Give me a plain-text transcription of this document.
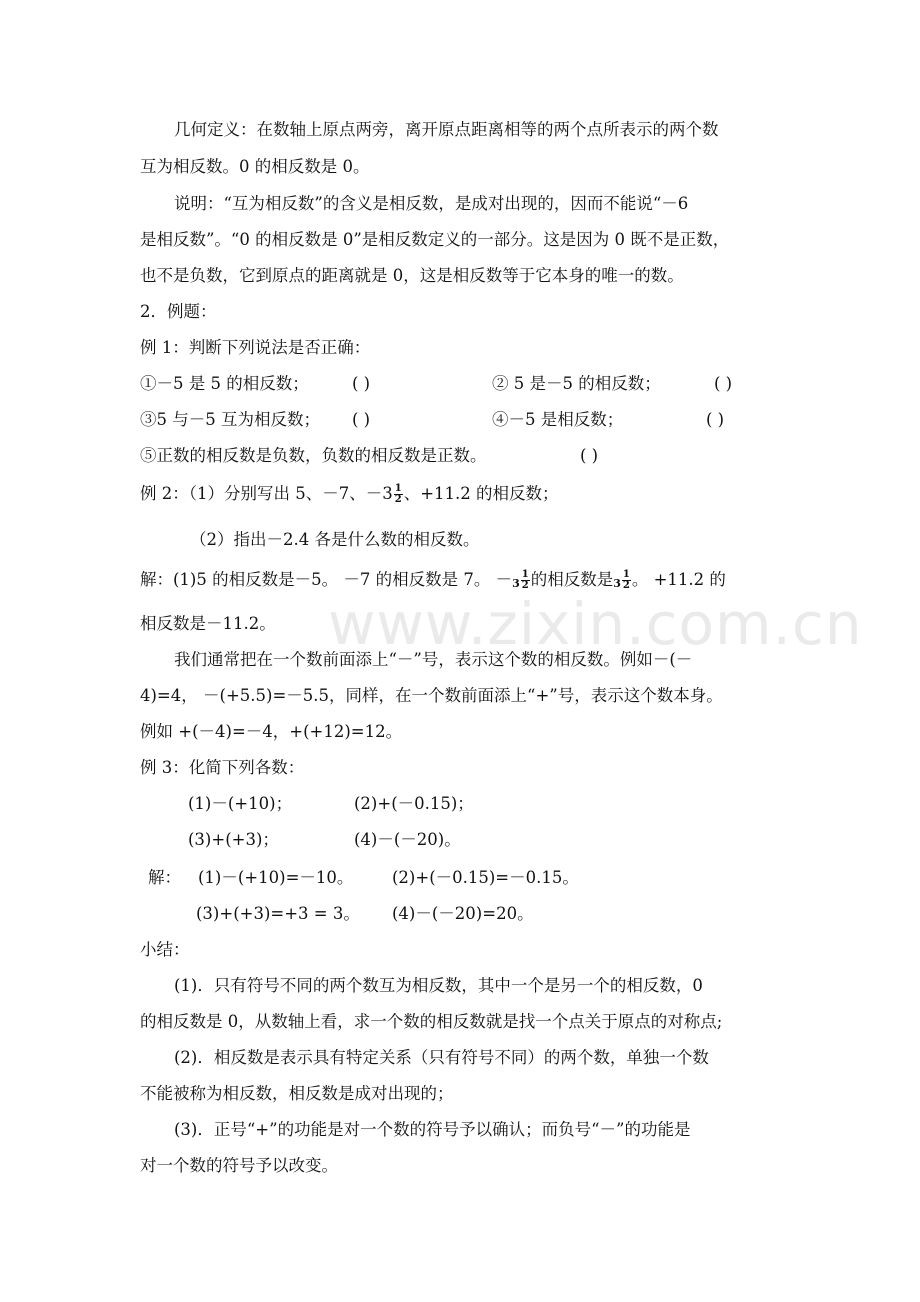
www.zixin.com.cn
几何定义：在数轴上原点两旁，离开原点距离相等的两个点所表示的两个数
互为相反数。0 的相反数是 0。
说明：“互为相反数”的含义是相反数，是成对出现的，因而不能说“－6
是相反数”。“0 的相反数是 0”是相反数定义的一部分。这是因为 0 既不是正数，
也不是负数，它到原点的距离就是 0，这是相反数等于它本身的唯一的数。
2．例题：
例 1：判断下列说法是否正确：
①－5 是 5 的相反数；	( )	② 5 是－5 的相反数；	( )
③5 与－5 互为相反数； ( )	④－5 是相反数；	( )
⑤正数的相反数是负数，负数的相反数是正数。	( )
例 2：（1）分别写出 5、－7、$-3 \frac{1}{2}$ 、+11.2 的相反数；
（2）指出－2.4 各是什么数的相反数。
解：(1)5 的相反数是－5。 －7 的相反数是 7。 $-3 \frac{1}{2}$ 的相反数是$3 \frac{1}{2}$ 。 +11.2 的
相反数是－11.2。
我们通常把在一个数前面添上“－”号，表示这个数的相反数。例如－(－
4)=4， －(+5.5)=－5.5，同样，在一个数前面添上“+”号，表示这个数本身。
例如 +(－4)=－4，+(+12)=12。
例 3：化简下列各数：
(1)－(+10)；	(2)+(－0.15)；
(3)+(+3)；	(4)－(－20)。
解： (1)－(+10)=－10。 (2)+(－0.15)=－0.15。
(3)+(+3)=+3 = 3。 (4)－(－20)=20。
小结：
(1)．只有符号不同的两个数互为相反数，其中一个是另一个的相反数，0
的相反数是 0，从数轴上看，求一个数的相反数就是找一个点关于原点的对称点;
(2)．相反数是表示具有特定关系（只有符号不同）的两个数，单独一个数
不能被称为相反数，相反数是成对出现的；
(3)．正号“+”的功能是对一个数的符号予以确认；而负号“－”的功能是
对一个数的符号予以改变。
